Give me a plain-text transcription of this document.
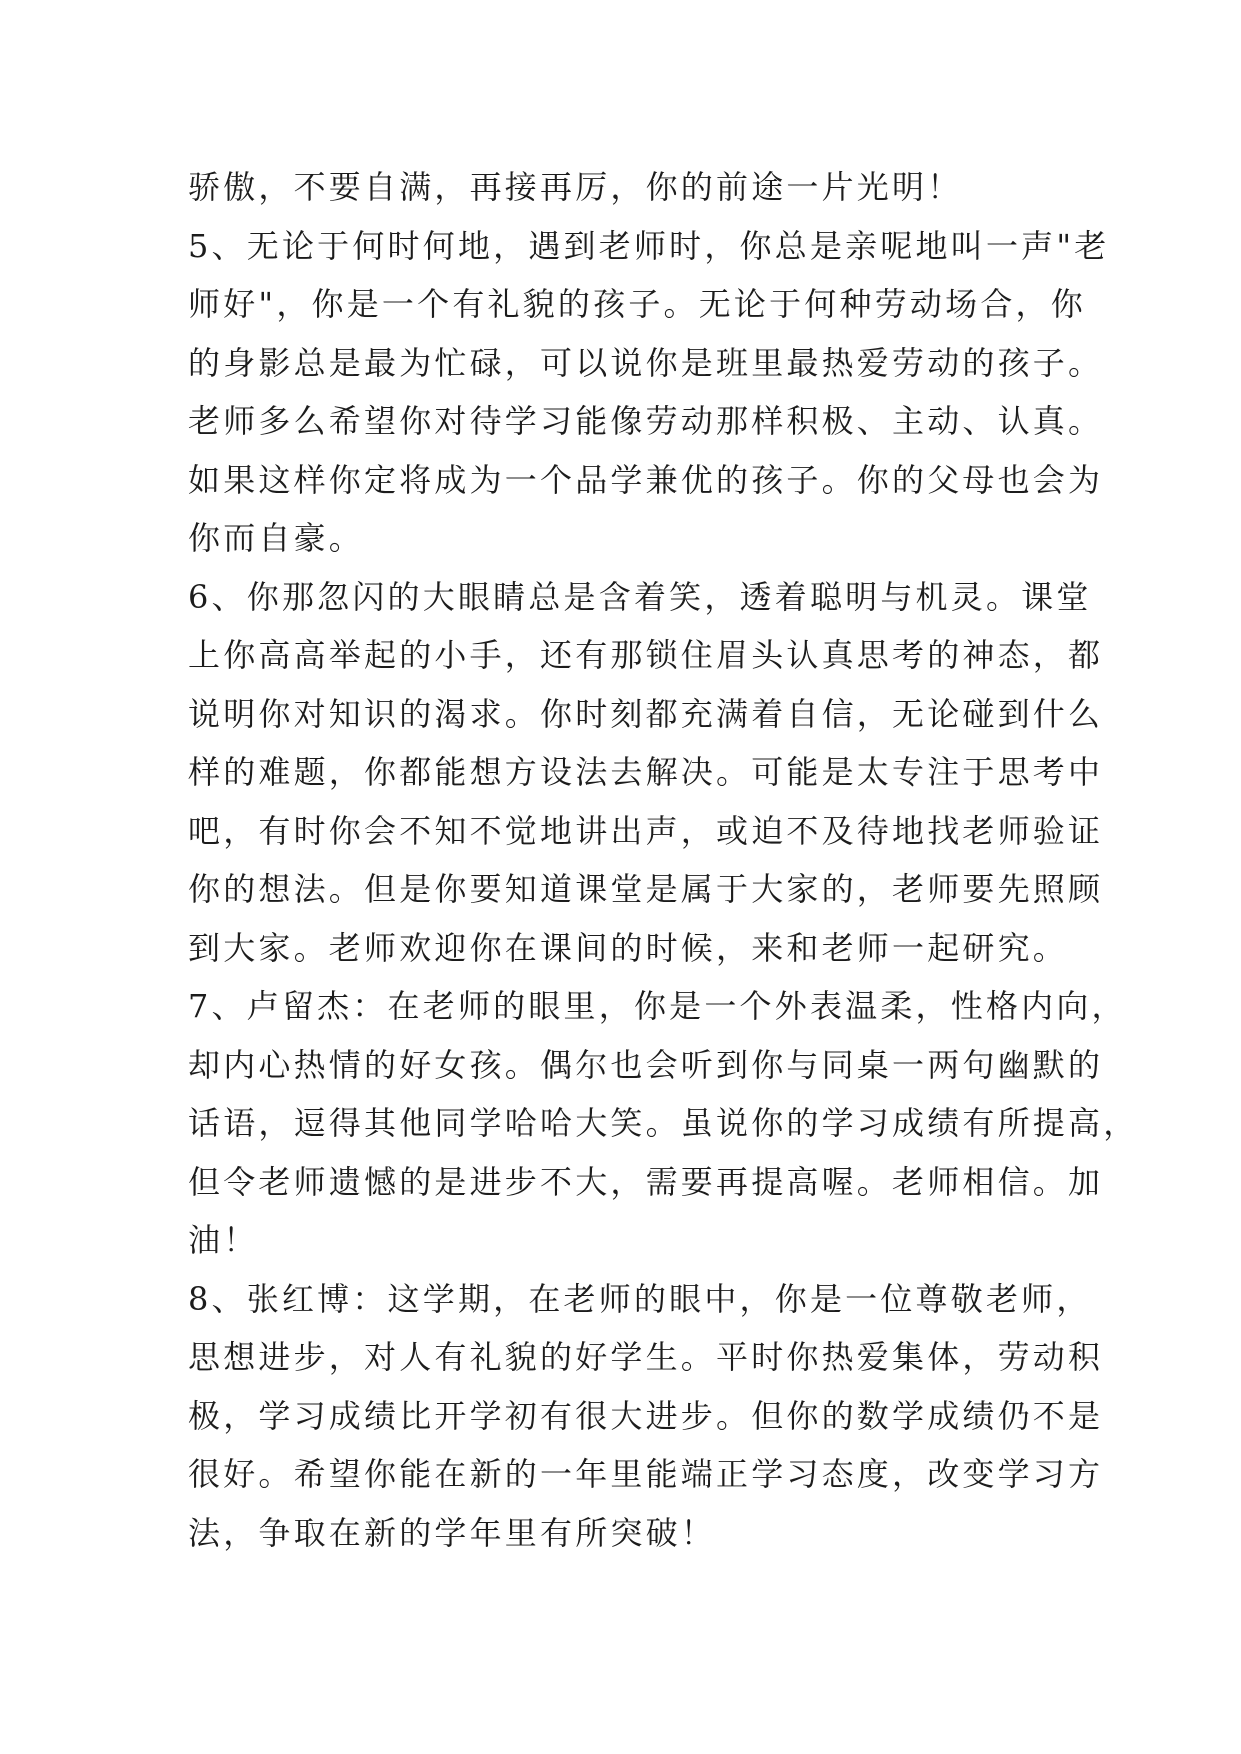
骄傲，不要自满，再接再厉，你的前途一片光明！
5、无论于何时何地，遇到老师时，你总是亲呢地叫一声"老
师好"，你是一个有礼貌的孩子。无论于何种劳动场合，你
的身影总是最为忙碌，可以说你是班里最热爱劳动的孩子。
老师多么希望你对待学习能像劳动那样积极、主动、认真。
如果这样你定将成为一个品学兼优的孩子。你的父母也会为
你而自豪。
6、你那忽闪的大眼睛总是含着笑，透着聪明与机灵。课堂
上你高高举起的小手，还有那锁住眉头认真思考的神态，都
说明你对知识的渴求。你时刻都充满着自信，无论碰到什么
样的难题，你都能想方设法去解决。可能是太专注于思考中
吧，有时你会不知不觉地讲出声，或迫不及待地找老师验证
你的想法。但是你要知道课堂是属于大家的，老师要先照顾
到大家。老师欢迎你在课间的时候，来和老师一起研究。
7、卢留杰：在老师的眼里，你是一个外表温柔，性格内向，
却内心热情的好女孩。偶尔也会听到你与同桌一两句幽默的
话语，逗得其他同学哈哈大笑。虽说你的学习成绩有所提高，
但令老师遗憾的是进步不大，需要再提高喔。老师相信。加
油！
8、张红博：这学期，在老师的眼中，你是一位尊敬老师，
思想进步，对人有礼貌的好学生。平时你热爱集体，劳动积
极，学习成绩比开学初有很大进步。但你的数学成绩仍不是
很好。希望你能在新的一年里能端正学习态度，改变学习方
法，争取在新的学年里有所突破！
